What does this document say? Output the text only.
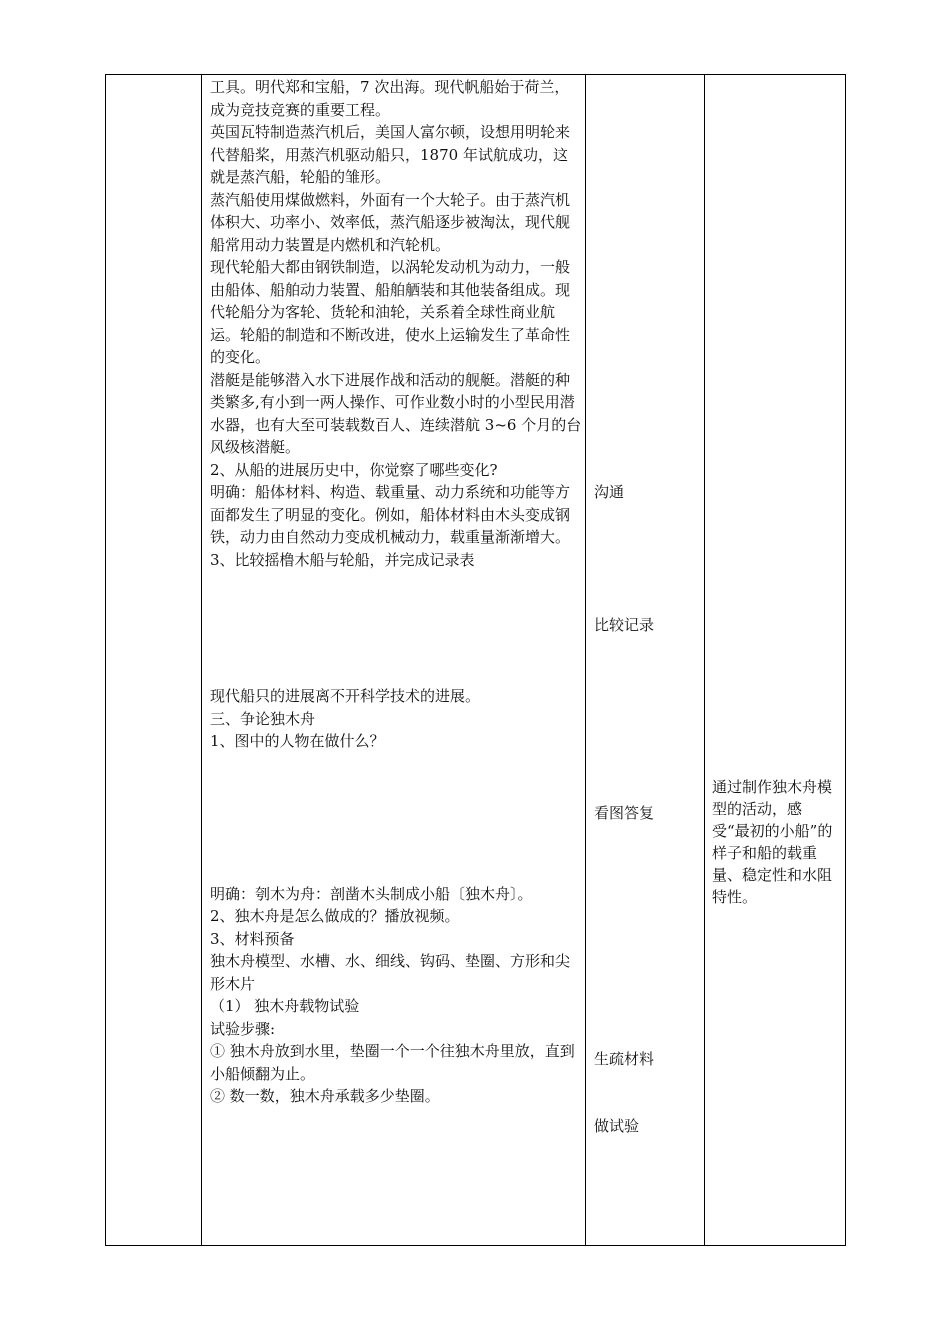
工具。明代郑和宝船，7 次出海。现代帆船始于荷兰，成为竞技竞赛的重要工程。

英国瓦特制造蒸汽机后，美国人富尔顿，设想用明轮来代替船桨，用蒸汽机驱动船只，1870 年试航成功，这就是蒸汽船，轮船的雏形。

蒸汽船使用煤做燃料，外面有一个大轮子。由于蒸汽机体积大、功率小、效率低，蒸汽船逐步被淘汰，现代舰船常用动力装置是内燃机和汽轮机。

现代轮船大都由钢铁制造，以涡轮发动机为动力，一般由船体、船舶动力装置、船舶舾装和其他装备组成。现代轮船分为客轮、货轮和油轮，关系着全球性商业航运。轮船的制造和不断改进，使水上运输发生了革命性的变化。

潜艇是能够潜入水下进展作战和活动的舰艇。潜艇的种类繁多,有小到一两人操作、可作业数小时的小型民用潜水器，也有大至可装载数百人、连续潜航 3~6 个月的台风级核潜艇。

2、从船的进展历史中，你觉察了哪些变化?

明确：船体材料、构造、载重量、动力系统和功能等方面都发生了明显的变化。例如，船体材料由木头变成钢铁，动力由自然动力变成机械动力，载重量渐渐增大。

3、比较摇橹木船与轮船，并完成记录表

现代船只的进展离不开科学技术的进展。

三、争论独木舟

1、图中的人物在做什么？

明确：刳木为舟：剖凿木头制成小船〔独木舟〕。

2、独木舟是怎么做成的？播放视频。

3、材料预备

独木舟模型、水槽、水、细线、钩码、垫圈、方形和尖形木片

（1） 独木舟载物试验

试验步骤:

① 独木舟放到水里，垫圈一个一个往独木舟里放，直到小船倾翻为止。

② 数一数，独木舟承载多少垫圈。

沟通
比较记录
看图答复
生疏材料
做试验

通过制作独木舟模型的活动，感受“最初的小船”的样子和船的载重量、稳定性和水阻特性。
